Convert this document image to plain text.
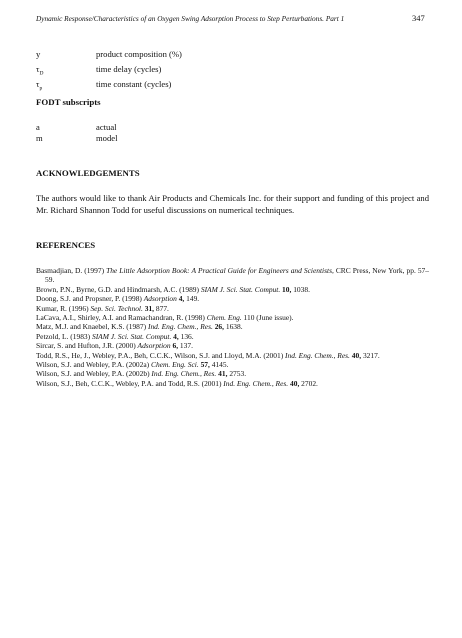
Dynamic Response/Characteristics of an Oxygen Swing Adsorption Process to Step Perturbations. Part 1	347
y	product composition (%)
$\tau_D$	time delay (cycles)
$\tau_p$	time constant (cycles)
FODT subscripts
a	actual
m	model
ACKNOWLEDGEMENTS
The authors would like to thank Air Products and Chemicals Inc. for their support and funding of this project and Mr. Richard Shannon Todd for useful discussions on numerical techniques.
REFERENCES

Basmadjian, D. (1997) The Little Adsorption Book: A Practical Guide for Engineers and Scientists, CRC Press, New York, pp. 57–59.

Brown, P.N., Byrne, G.D. and Hindmarsh, A.C. (1989) SIAM J. Sci. Stat. Comput. 10, 1038.

Doong, S.J. and Propsner, P. (1998) Adsorption 4, 149.

Kumar, R. (1996) Sep. Sci. Technol. 31, 877.

LaCava, A.I., Shirley, A.I. and Ramachandran, R. (1998) Chem. Eng. 110 (June issue).

Matz, M.J. and Knaebel, K.S. (1987) Ind. Eng. Chem., Res. 26, 1638.

Petzold, L. (1983) SIAM J. Sci. Stat. Comput. 4, 136.

Sircar, S. and Hufton, J.R. (2000) Adsorption 6, 137.

Todd, R.S., He, J., Webley, P.A., Beh, C.C.K., Wilson, S.J. and Lloyd, M.A. (2001) Ind. Eng. Chem., Res. 40, 3217.

Wilson, S.J. and Webley, P.A. (2002a) Chem. Eng. Sci. 57, 4145.

Wilson, S.J. and Webley, P.A. (2002b) Ind. Eng. Chem., Res. 41, 2753.

Wilson, S.J., Beh, C.C.K., Webley, P.A. and Todd, R.S. (2001) Ind. Eng. Chem., Res. 40, 2702.
